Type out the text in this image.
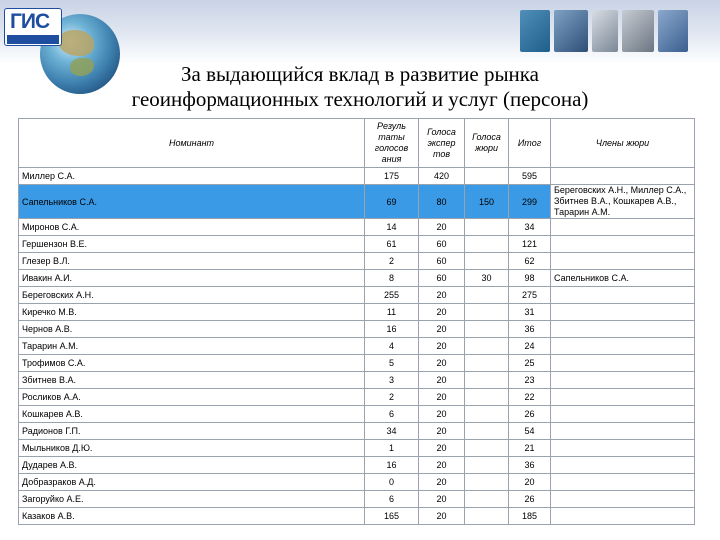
ГИС
За выдающийся вклад в развитие рынка
геоинформационных технологий и услуг (персона)
Номинант	Резуль таты голосов ания	Голоса экспер тов	Голоса жюри	Итог	Члены жюри
Миллер С.А.	175	420		595	
Сапельников С.А.	69	80	150	299	Береговских А.Н., Миллер С.А., Збитнев В.А., Кошкарев А.В., Тарарин А.М.
Миронов С.А.	14	20		34	
Гершензон В.Е.	61	60		121	
Глезер В.Л.	2	60		62	
Ивакин А.И.	8	60	30	98	Сапельников С.А.
Береговских А.Н.	255	20		275	
Киречко М.В.	11	20		31	
Чернов А.В.	16	20		36	
Тарарин А.М.	4	20		24	
Трофимов С.А.	5	20		25	
Збитнев В.А.	3	20		23	
Росликов А.А.	2	20		22	
Кошкарев А.В.	6	20		26	
Радионов Г.П.	34	20		54	
Мыльников Д.Ю.	1	20		21	
Дударев А.В.	16	20		36	
Добразраков А.Д.	0	20		20	
Загоруйко А.Е.	6	20		26	
Казаков А.В.	165	20		185	
